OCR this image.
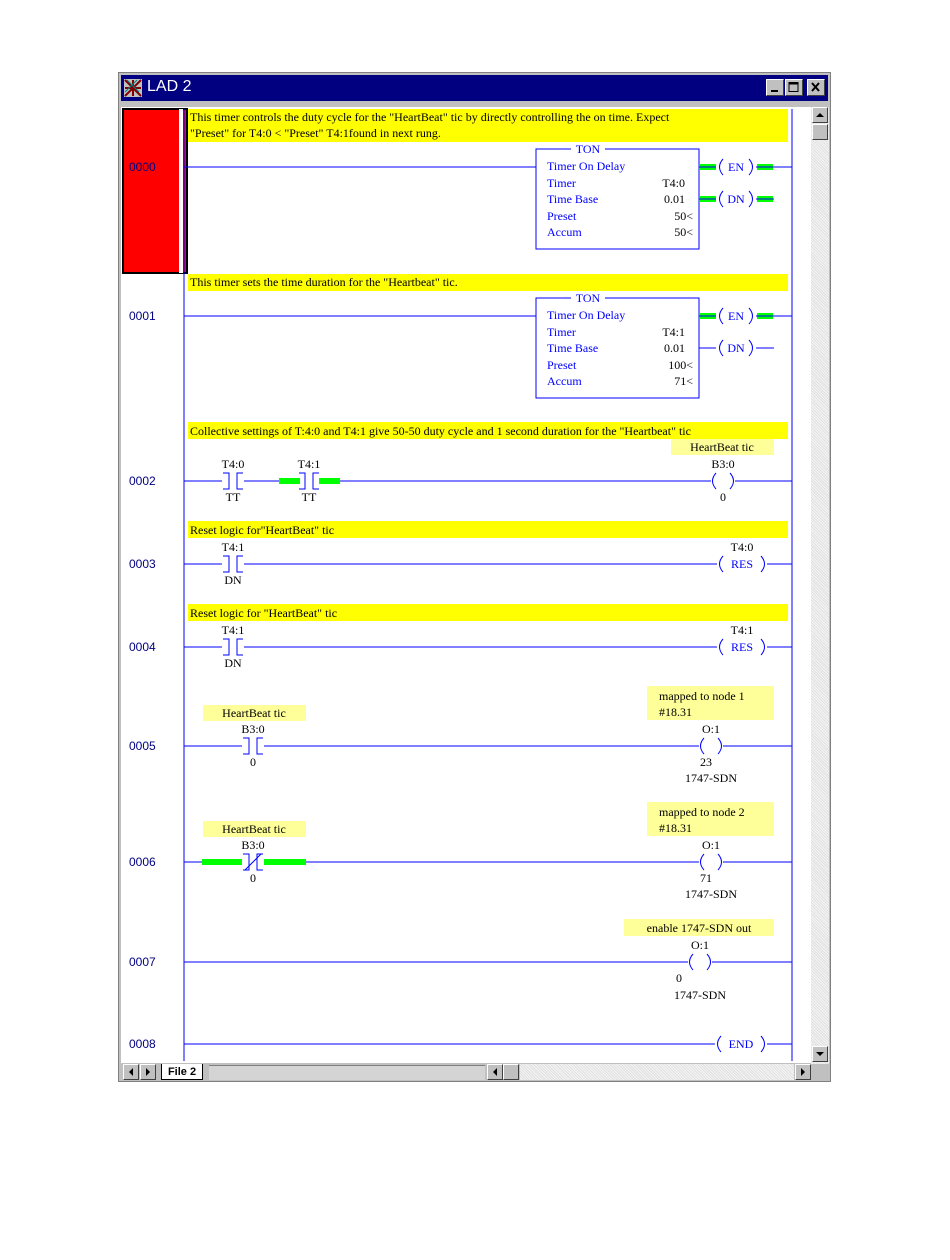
LAD 2
0000
0001
0002
0003
0004
0005
0006
0007
0008
This timer controls the duty cycle for the "HeartBeat" tic by directly controlling the on time. Expect
"Preset" for T4:0 < "Preset" T4:1found in next rung.
This timer sets the time duration for the "Heartbeat" tic.
Collective settings of T:4:0 and T4:1 give 50-50 duty cycle and 1 second duration for the "Heartbeat" tic
Reset logic for"HeartBeat" tic
Reset logic for "HeartBeat" tic
TON
Timer On Delay
Timer
Time Base
Preset
Accum
T4:0
0.01
50<
50<
EN
DN
TON
Timer On Delay
Timer
Time Base
Preset
Accum
T4:1
0.01
100<
71<
EN
DN
T4:0
TT
T4:1
TT
HeartBeat tic
B3:0
0
T4:1
DN
T4:0
RES
T4:1
DN
T4:1
RES
HeartBeat tic
B3:0
0
mapped to node 1
#18.31
O:1
23
1747-SDN
HeartBeat tic
B3:0
0
mapped to node 2
#18.31
O:1
71
1747-SDN
enable 1747-SDN out
O:1
0
1747-SDN
END
File 2
